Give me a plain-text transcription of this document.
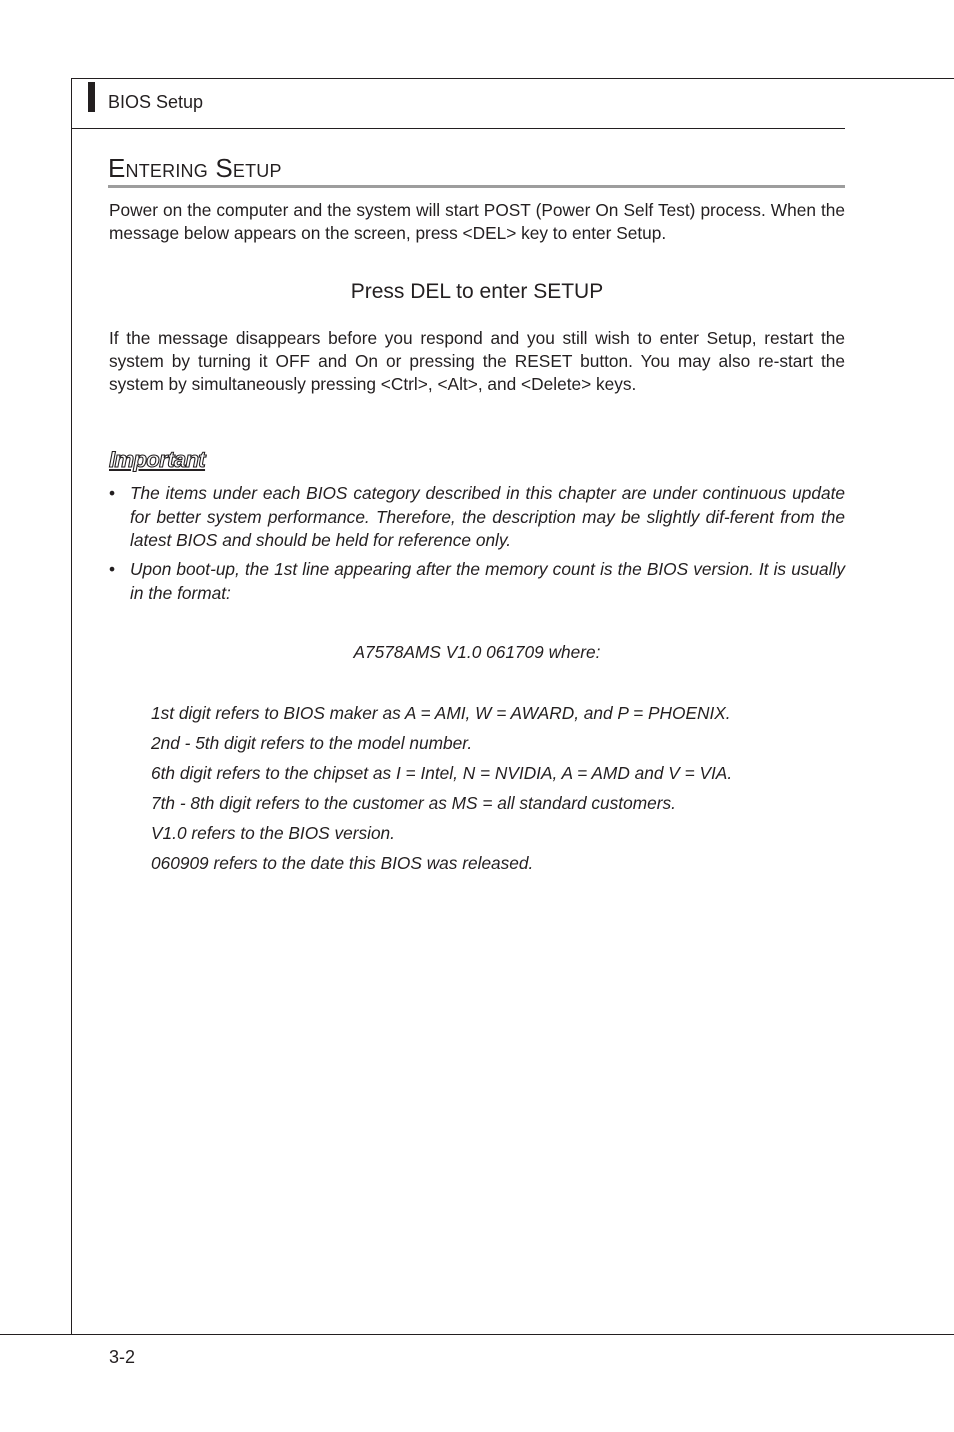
BIOS Setup
Entering Setup

Power on the computer and the system will start POST (Power On Self Test) process. When the message below appears on the screen, press <DEL> key to enter Setup.

Press DEL to enter SETUP

If the message disappears before you respond and you still wish to enter Setup, restart the system by turning it OFF and On or pressing the RESET button. You may also re-start the system by simultaneously pressing <Ctrl>, <Alt>, and <Delete> keys.

Important
• The items under each BIOS category described in this chapter are under continuous update for better system performance. Therefore, the description may be slightly dif-ferent from the latest BIOS and should be held for reference only.
• Upon boot-up, the 1st line appearing after the memory count is the BIOS version. It is usually in the format:
A7578AMS V1.0 061709 where:
1st digit refers to BIOS maker as A = AMI, W = AWARD, and P = PHOENIX.
2nd - 5th digit refers to the model number.
6th digit refers to the chipset as I = Intel, N = NVIDIA, A = AMD and V = VIA.
7th - 8th digit refers to the customer as MS = all standard customers.
V1.0 refers to the BIOS version.
060909 refers to the date this BIOS was released.
3-2
